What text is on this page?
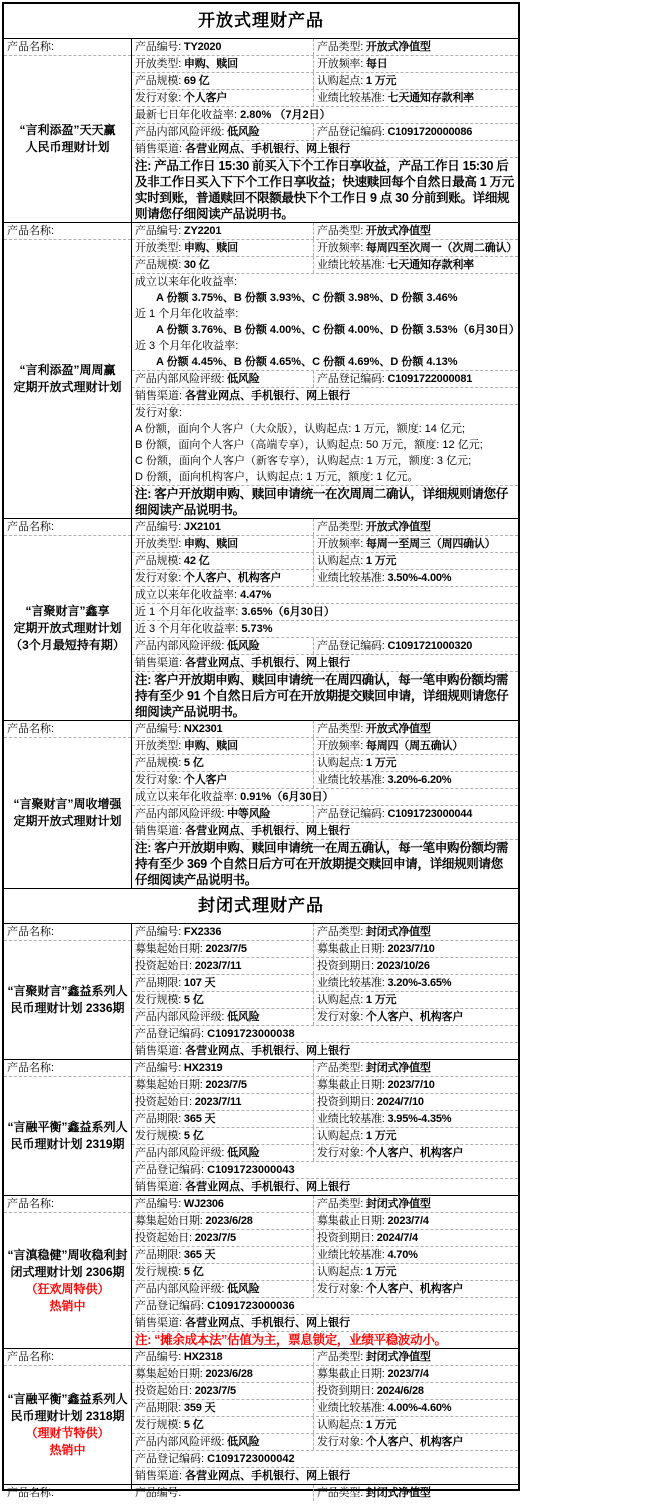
开放式理财产品
产品名称:
“言利添盈”天天赢
人民币理财计划
产品编号: TY2020	产品类型: 开放式净值型
开放类型: 申购、赎回	开放频率: 每日
产品规模: 69 亿	认购起点: 1 万元
发行对象: 个人客户	业绩比较基准: 七天通知存款利率
最新七日年化收益率: 2.80% （7月2日）
产品内部风险评级: 低风险	产品登记编码: C1091720000086
销售渠道: 各营业网点、手机银行、网上银行
注: 产品工作日 15:30 前买入下个工作日享收益，产品工作日 15:30 后及非工作日买入下下个工作日享收益；快速赎回每个自然日最高 1 万元实时到账，普通赎回不限额最快下个工作日 9 点 30 分前到账。详细规则请您仔细阅读产品说明书。
产品名称:
“言利添盈”周周赢
定期开放式理财计划
产品编号: ZY2201	产品类型: 开放式净值型
开放类型: 申购、赎回	开放频率: 每周四至次周一（次周二确认）
产品规模: 30 亿	业绩比较基准: 七天通知存款利率
成立以来年化收益率:
A 份额 3.75%、B 份额 3.93%、C 份额 3.98%、D 份额 3.46%
近 1 个月年化收益率:
A 份额 3.76%、B 份额 4.00%、C 份额 4.00%、D 份额 3.53%（6月30日）
近 3 个月年化收益率:
A 份额 4.45%、B 份额 4.65%、C 份额 4.69%、D 份额 4.13%
产品内部风险评级: 低风险	产品登记编码: C1091722000081
销售渠道: 各营业网点、手机银行、网上银行
发行对象:
A 份额，面向个人客户（大众版），认购起点: 1 万元，额度: 14 亿元;
B 份额，面向个人客户（高端专享），认购起点: 50 万元，额度: 12 亿元;
C 份额，面向个人客户（新客专享），认购起点: 1 万元，额度: 3 亿元;
D 份额，面向机构客户，认购起点: 1 万元，额度: 1 亿元。
注: 客户开放期申购、赎回申请统一在次周周二确认，详细规则请您仔细阅读产品说明书。
产品名称:
“言聚财言”鑫享
定期开放式理财计划
（3个月最短持有期）
产品编号: JX2101	产品类型: 开放式净值型
开放类型: 申购、赎回	开放频率: 每周一至周三（周四确认）
产品规模: 42 亿	认购起点: 1 万元
发行对象: 个人客户、机构客户	业绩比较基准: 3.50%-4.00%
成立以来年化收益率: 4.47%
近 1 个月年化收益率: 3.65%（6月30日）
近 3 个月年化收益率: 5.73%
产品内部风险评级: 低风险	产品登记编码: C1091721000320
销售渠道: 各营业网点、手机银行、网上银行
注: 客户开放期申购、赎回申请统一在周四确认，每一笔申购份额均需持有至少 91 个自然日后方可在开放期提交赎回申请，详细规则请您仔细阅读产品说明书。
产品名称:
“言聚财言”周收增强
定期开放式理财计划
产品编号: NX2301	产品类型: 开放式净值型
开放类型: 申购、赎回	开放频率: 每周四（周五确认）
产品规模: 5 亿	认购起点: 1 万元
发行对象: 个人客户	业绩比较基准: 3.20%-6.20%
成立以来年化收益率: 0.91%（6月30日）
产品内部风险评级: 中等风险	产品登记编码: C1091723000044
销售渠道: 各营业网点、手机银行、网上银行
注: 客户开放期申购、赎回申请统一在周五确认，每一笔申购份额均需持有至少 369 个自然日后方可在开放期提交赎回申请，详细规则请您仔细阅读产品说明书。
封闭式理财产品
产品名称:
“言聚财言”鑫益系列人
民币理财计划 2336期
产品编号: FX2336	产品类型: 封闭式净值型
募集起始日期: 2023/7/5	募集截止日期: 2023/7/10
投资起始日: 2023/7/11	投资到期日: 2023/10/26
产品期限: 107 天	业绩比较基准: 3.20%-3.65%
发行规模: 5 亿	认购起点: 1 万元
产品内部风险评级: 低风险	发行对象: 个人客户、机构客户
产品登记编码: C1091723000038
销售渠道: 各营业网点、手机银行、网上银行
产品名称:
“言融平衡”鑫益系列人
民币理财计划 2319期
产品编号: HX2319	产品类型: 封闭式净值型
募集起始日期: 2023/7/5	募集截止日期: 2023/7/10
投资起始日: 2023/7/11	投资到期日: 2024/7/10
产品期限: 365 天	业绩比较基准: 3.95%-4.35%
发行规模: 5 亿	认购起点: 1 万元
产品内部风险评级: 低风险	发行对象: 个人客户、机构客户
产品登记编码: C1091723000043
销售渠道: 各营业网点、手机银行、网上银行
产品名称:
“言滇稳健”周收稳利封
闭式理财计划 2306期
（狂欢周特供）
热销中
产品编号: WJ2306	产品类型: 封闭式净值型
募集起始日期: 2023/6/28	募集截止日期: 2023/7/4
投资起始日: 2023/7/5	投资到期日: 2024/7/4
产品期限: 365 天	业绩比较基准: 4.70%
发行规模: 5 亿	认购起点: 1 万元
产品内部风险评级: 低风险	发行对象: 个人客户、机构客户
产品登记编码: C1091723000036
销售渠道: 各营业网点、手机银行、网上银行
注: “摊余成本法”估值为主，票息锁定，业绩平稳波动小。
产品名称:
“言融平衡”鑫益系列人
民币理财计划 2318期
（理财节特供）
热销中
产品编号: HX2318	产品类型: 封闭式净值型
募集起始日期: 2023/6/28	募集截止日期: 2023/7/4
投资起始日: 2023/7/5	投资到期日: 2024/6/28
产品期限: 359 天	业绩比较基准: 4.00%-4.60%
发行规模: 5 亿	认购起点: 1 万元
产品内部风险评级: 低风险	发行对象: 个人客户、机构客户
产品登记编码: C1091723000042
销售渠道: 各营业网点、手机银行、网上银行
产品名称:	产品编号:	产品类型: 封闭式净值型
